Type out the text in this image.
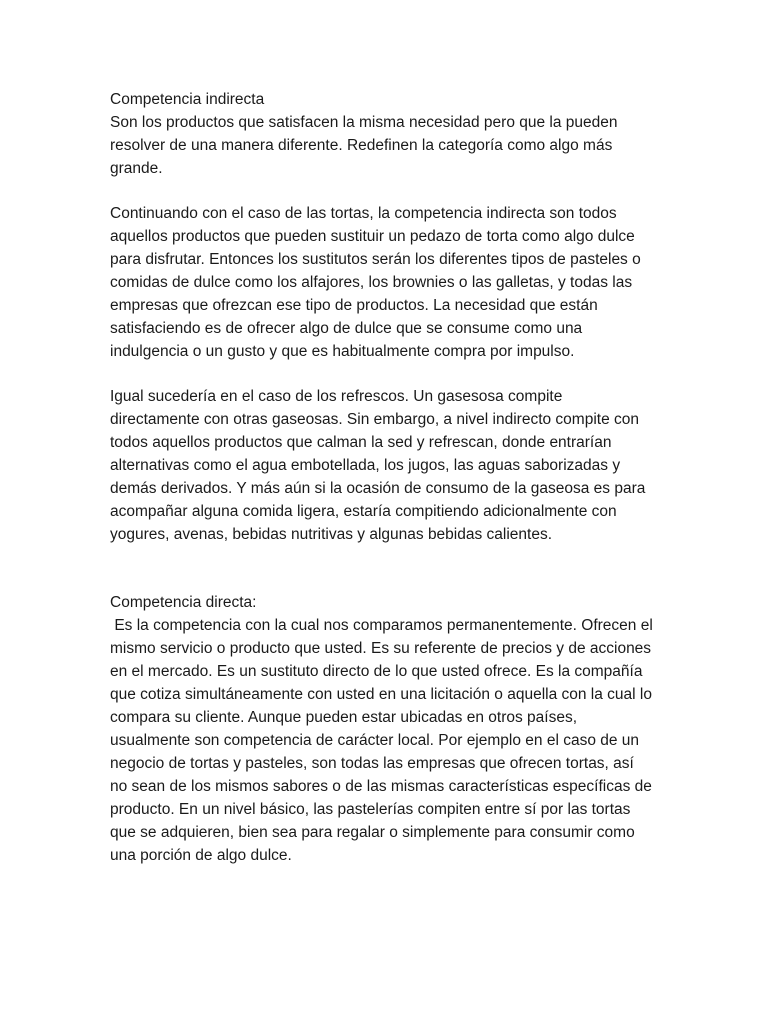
Competencia indirecta

Son los productos que satisfacen la misma necesidad pero que la pueden resolver de una manera diferente. Redefinen la categoría como algo más grande.

Continuando con el caso de las tortas, la competencia indirecta son todos aquellos productos que pueden sustituir un pedazo de torta como algo dulce para disfrutar. Entonces los sustitutos serán los diferentes tipos de pasteles o comidas de dulce como los alfajores, los brownies o las galletas, y todas las empresas que ofrezcan ese tipo de productos. La necesidad que están satisfaciendo es de ofrecer algo de dulce que se consume como una indulgencia o un gusto y que es habitualmente compra por impulso.

Igual sucedería en el caso de los refrescos. Un gasesosa compite directamente con otras gaseosas. Sin embargo, a nivel indirecto compite con todos aquellos productos que calman la sed y refrescan, donde entrarían alternativas como el agua embotellada, los jugos, las aguas saborizadas y demás derivados. Y más aún si la ocasión de consumo de la gaseosa es para acompañar alguna comida ligera, estaría compitiendo adicionalmente con yogures, avenas, bebidas nutritivas y algunas bebidas calientes.

Competencia directa:

Es la competencia con la cual nos comparamos permanentemente. Ofrecen el mismo servicio o producto que usted. Es su referente de precios y de acciones en el mercado. Es un sustituto directo de lo que usted ofrece. Es la compañía que cotiza simultáneamente con usted en una licitación o aquella con la cual lo compara su cliente. Aunque pueden estar ubicadas en otros países, usualmente son competencia de carácter local. Por ejemplo en el caso de un negocio de tortas y pasteles, son todas las empresas que ofrecen tortas, así no sean de los mismos sabores o de las mismas características específicas de producto. En un nivel básico, las pastelerías compiten entre sí por las tortas que se adquieren, bien sea para regalar o simplemente para consumir como una porción de algo dulce.
